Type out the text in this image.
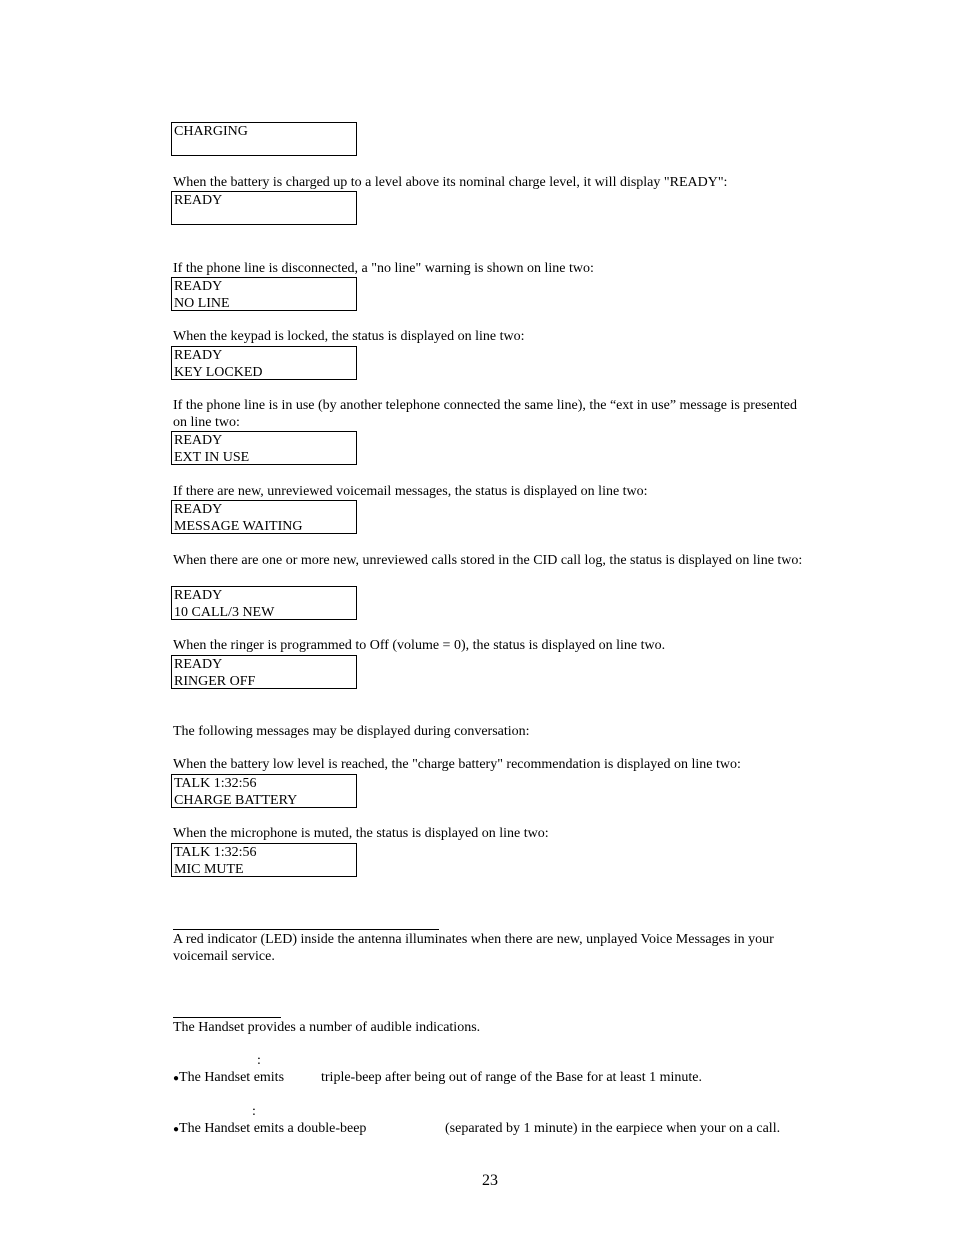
CHARGING
When the battery is charged up to a level above its nominal charge level, it will display "READY":
READY
If the phone line is disconnected, a "no line" warning is shown on line two:
READY
NO LINE
When the keypad is locked, the status is displayed on line two:
READY
KEY LOCKED
If the phone line is in use (by another telephone connected the same line), the “ext in use” message is presented on line two:
READY
EXT IN USE
If there are new, unreviewed voicemail messages, the status is displayed on line two:
READY
MESSAGE WAITING
When there are one or more new, unreviewed calls stored in the CID call log, the status is displayed on line two:
READY
10 CALL/3 NEW
When the ringer is programmed to Off (volume = 0), the status is displayed on line two.
READY
RINGER OFF
The following messages may be displayed during conversation:
When the battery low level is reached, the "charge battery" recommendation is displayed on line two:
TALK 1:32:56
CHARGE BATTERY
When the microphone is muted, the status is displayed on line two:
TALK 1:32:56
MIC MUTE
A red indicator (LED) inside the antenna illuminates when there are new, unplayed Voice Messages in your voicemail service.
The Handset provides a number of audible indications.
:
●The Handset emits	triple-beep after being out of range of the Base for at least 1 minute.
:
●The Handset emits a double-beep	(separated by 1 minute) in the earpiece when your on a call.
23
